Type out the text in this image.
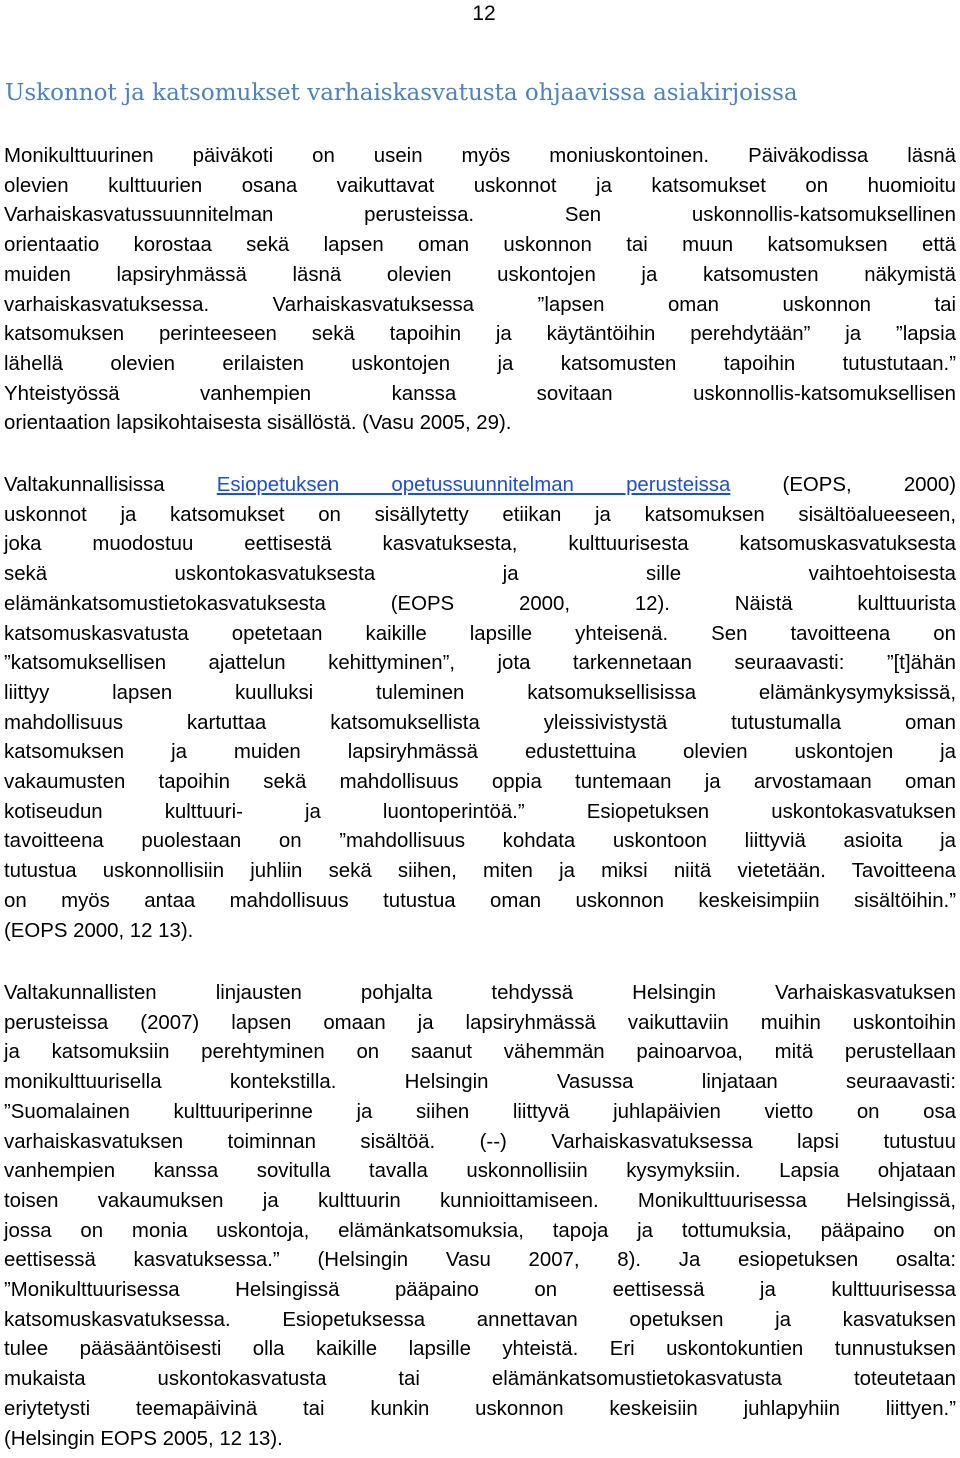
12
Uskonnot ja katsomukset varhaiskasvatusta ohjaavissa asiakirjoissa
Monikulttuurinen päiväkoti on usein myös moniuskontoinen. Päiväkodissa läsnä
olevien kulttuurien osana vaikuttavat uskonnot ja katsomukset on huomioitu
Varhaiskasvatussuunnitelman perusteissa. Sen uskonnollis-katsomuksellinen
orientaatio korostaa sekä lapsen oman uskonnon tai muun katsomuksen että
muiden lapsiryhmässä läsnä olevien uskontojen ja katsomusten näkymistä
varhaiskasvatuksessa. Varhaiskasvatuksessa ”lapsen oman uskonnon tai
katsomuksen perinteeseen sekä tapoihin ja käytäntöihin perehdytään” ja ”lapsia
lähellä olevien erilaisten uskontojen ja katsomusten tapoihin tutustutaan.”
Yhteistyössä vanhempien kanssa sovitaan uskonnollis-katsomuksellisen
orientaation lapsikohtaisesta sisällöstä. (Vasu 2005, 29).
Valtakunnallisissa	Esiopetuksen opetussuunnitelman perusteissa	(EOPS, 2000)
uskonnot ja katsomukset on sisällytetty etiikan ja katsomuksen sisältöalueeseen,
joka muodostuu eettisestä kasvatuksesta, kulttuurisesta katsomuskasvatuksesta
sekä uskontokasvatuksesta ja sille vaihtoehtoisesta
elämänkatsomustietokasvatuksesta (EOPS 2000, 12). Näistä kulttuurista
katsomuskasvatusta opetetaan kaikille lapsille yhteisenä. Sen tavoitteena on
”katsomuksellisen ajattelun kehittyminen”, jota tarkennetaan seuraavasti: ”[t]ähän
liittyy lapsen kuulluksi tuleminen katsomuksellisissa elämänkysymyksissä,
mahdollisuus kartuttaa katsomuksellista yleissivistystä tutustumalla oman
katsomuksen ja muiden lapsiryhmässä edustettuina olevien uskontojen ja
vakaumusten tapoihin sekä mahdollisuus oppia tuntemaan ja arvostamaan oman
kotiseudun kulttuuri- ja luontoperintöä.” Esiopetuksen uskontokasvatuksen
tavoitteena puolestaan on ”mahdollisuus kohdata uskontoon liittyviä asioita ja
tutustua uskonnollisiin juhliin sekä siihen, miten ja miksi niitä vietetään. Tavoitteena
on myös antaa mahdollisuus tutustua oman uskonnon keskeisimpiin sisältöihin.”
(EOPS 2000, 12 13).
Valtakunnallisten linjausten pohjalta tehdyssä Helsingin Varhaiskasvatuksen
perusteissa (2007) lapsen omaan ja lapsiryhmässä vaikuttaviin muihin uskontoihin
ja katsomuksiin perehtyminen on saanut vähemmän painoarvoa, mitä perustellaan
monikulttuurisella kontekstilla. Helsingin Vasussa linjataan seuraavasti:
”Suomalainen kulttuuriperinne ja siihen liittyvä juhlapäivien vietto on osa
varhaiskasvatuksen toiminnan sisältöä. (--) Varhaiskasvatuksessa lapsi tutustuu
vanhempien kanssa sovitulla tavalla uskonnollisiin kysymyksiin. Lapsia ohjataan
toisen vakaumuksen ja kulttuurin kunnioittamiseen. Monikulttuurisessa Helsingissä,
jossa on monia uskontoja, elämänkatsomuksia, tapoja ja tottumuksia, pääpaino on
eettisessä kasvatuksessa.” (Helsingin Vasu 2007, 8). Ja esiopetuksen osalta:
”Monikulttuurisessa Helsingissä pääpaino on eettisessä ja kulttuurisessa
katsomuskasvatuksessa. Esiopetuksessa annettavan opetuksen ja kasvatuksen
tulee pääsääntöisesti olla kaikille lapsille yhteistä. Eri uskontokuntien tunnustuksen
mukaista uskontokasvatusta tai elämänkatsomustietokasvatusta toteutetaan
eriytetysti teemapäivinä tai kunkin uskonnon keskeisiin juhlapyhiin liittyen.”
(Helsingin EOPS 2005, 12 13).
